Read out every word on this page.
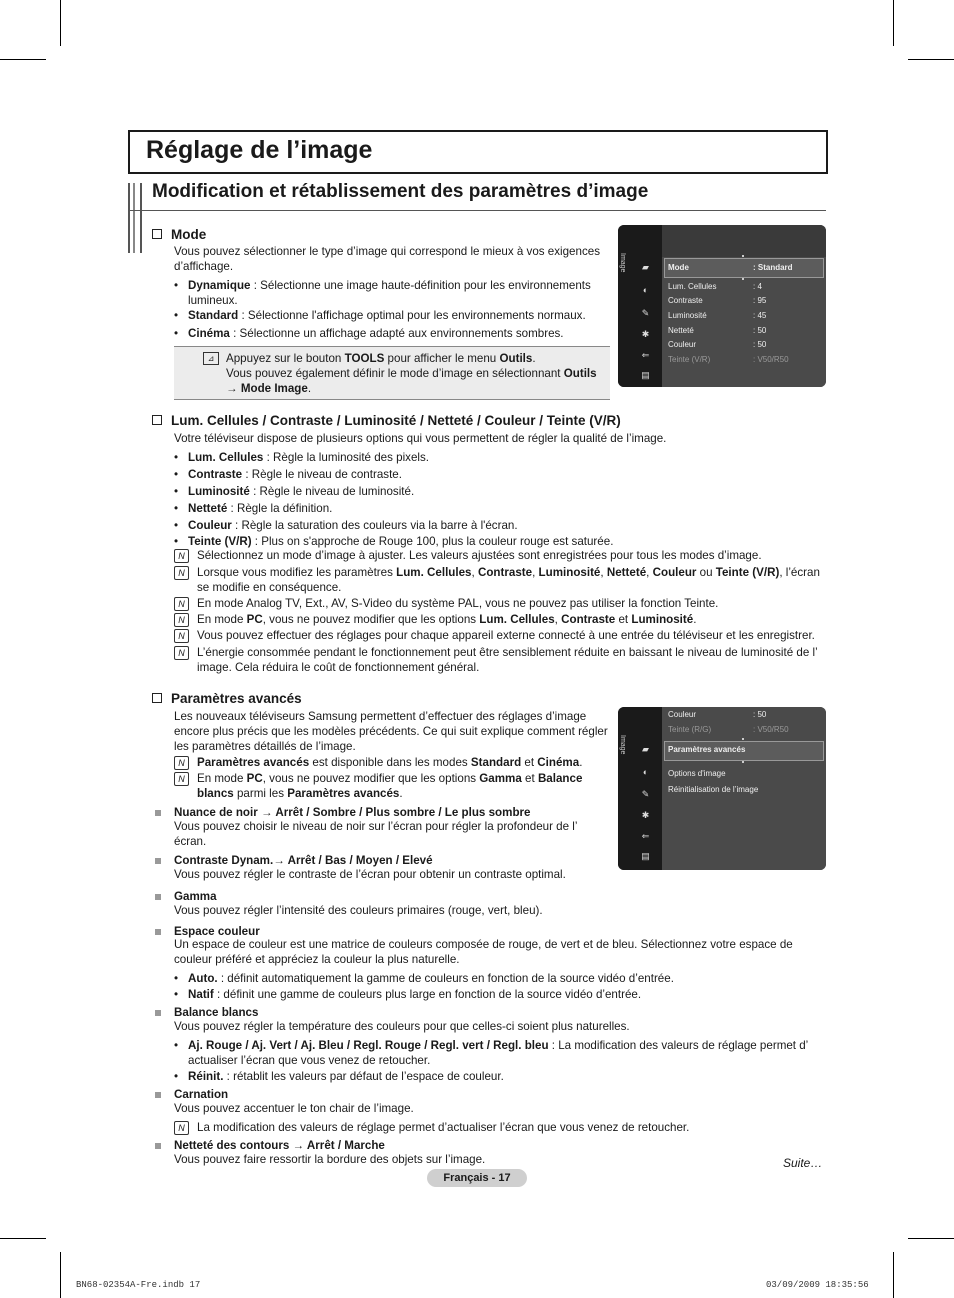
Réglage de l’image
Modification et rétablissement des paramètres d’image
Mode
Vous pouvez sélectionner le type d’image qui correspond le mieux à vos exigences
d’affichage.
• Dynamique : Sélectionne une image haute-définition pour les environnements
lumineux.
• Standard : Sélectionne l'affichage optimal pour les environnements normaux.
• Cinéma : Sélectionne un affichage adapté aux environnements sombres.
⊿	Appuyez sur le bouton TOOLS pour afficher le menu Outils.
Vous pouvez également définir le mode d’image en sélectionnant Outils
→ Mode Image.
Image	Mode	: Standard
Lum. Cellules	: 4
Contraste	: 95
Luminosité	: 45
Netteté	: 50
Couleur	: 50
Teinte (V/R)	: V50/R50
▰
◐
✎
✱
⇐
▤
Lum. Cellules / Contraste / Luminosité / Netteté / Couleur / Teinte (V/R)
Votre téléviseur dispose de plusieurs options qui vous permettent de régler la qualité de l’image.
• Lum. Cellules : Règle la luminosité des pixels.
• Contraste : Règle le niveau de contraste.
• Luminosité : Règle le niveau de luminosité.
• Netteté : Règle la définition.
• Couleur : Règle la saturation des couleurs via la barre à l'écran.
• Teinte (V/R) : Plus on s'approche de Rouge 100, plus la couleur rouge est saturée.
N	Sélectionnez un mode d’image à ajuster. Les valeurs ajustées sont enregistrées pour tous les modes d’image.
N	Lorsque vous modifiez les paramètres Lum. Cellules, Contraste, Luminosité, Netteté, Couleur ou Teinte (V/R), l’écran
se modifie en conséquence.
N	En mode Analog TV, Ext., AV, S-Video du système PAL, vous ne pouvez pas utiliser la fonction Teinte.
N	En mode PC, vous ne pouvez modifier que les options Lum. Cellules, Contraste et Luminosité.
N	Vous pouvez effectuer des réglages pour chaque appareil externe connecté à une entrée du téléviseur et les enregistrer.
N	L’énergie consommée pendant le fonctionnement peut être sensiblement réduite en baissant le niveau de luminosité de l’
image. Cela réduira le coût de fonctionnement général.
Paramètres avancés
Les nouveaux téléviseurs Samsung permettent d’effectuer des réglages d’image
encore plus précis que les modèles précédents. Ce qui suit explique comment régler
les paramètres détaillés de l’image.
N	Paramètres avancés est disponible dans les modes Standard et Cinéma.
N	En mode PC, vous ne pouvez modifier que les options Gamma et Balance
blancs parmi les Paramètres avancés.
Image
Couleur	: 50
Teinte (R/G)	: V50/R50
Paramètres avancés
Options d'image
Réinitialisation de l’image
▰
◐
✎
✱
⇐
▤
Nuance de noir → Arrêt / Sombre / Plus sombre / Le plus sombre
Vous pouvez choisir le niveau de noir sur l’écran pour régler la profondeur de l’
écran.
Contraste Dynam.→ Arrêt / Bas / Moyen / Elevé
Vous pouvez régler le contraste de l’écran pour obtenir un contraste optimal.
Gamma
Vous pouvez régler l’intensité des couleurs primaires (rouge, vert, bleu).
Espace couleur
Un espace de couleur est une matrice de couleurs composée de rouge, de vert et de bleu. Sélectionnez votre espace de
couleur préféré et appréciez la couleur la plus naturelle.
• Auto. : définit automatiquement la gamme de couleurs en fonction de la source vidéo d’entrée.
• Natif : définit une gamme de couleurs plus large en fonction de la source vidéo d’entrée.
Balance blancs
Vous pouvez régler la température des couleurs pour que celles-ci soient plus naturelles.
• Aj. Rouge / Aj. Vert / Aj. Bleu / Regl. Rouge / Regl. vert / Regl. bleu : La modification des valeurs de réglage permet d’
actualiser l’écran que vous venez de retoucher.
• Réinit. : rétablit les valeurs par défaut de l’espace de couleur.
Carnation
Vous pouvez accentuer le ton chair de l’image.
N	La modification des valeurs de réglage permet d’actualiser l’écran que vous venez de retoucher.
Netteté des contours → Arrêt / Marche
Vous pouvez faire ressortir la bordure des objets sur l’image.	Suite…
Français - 17
BN68-02354A-Fre.indb 17	03/09/2009 18:35:56
